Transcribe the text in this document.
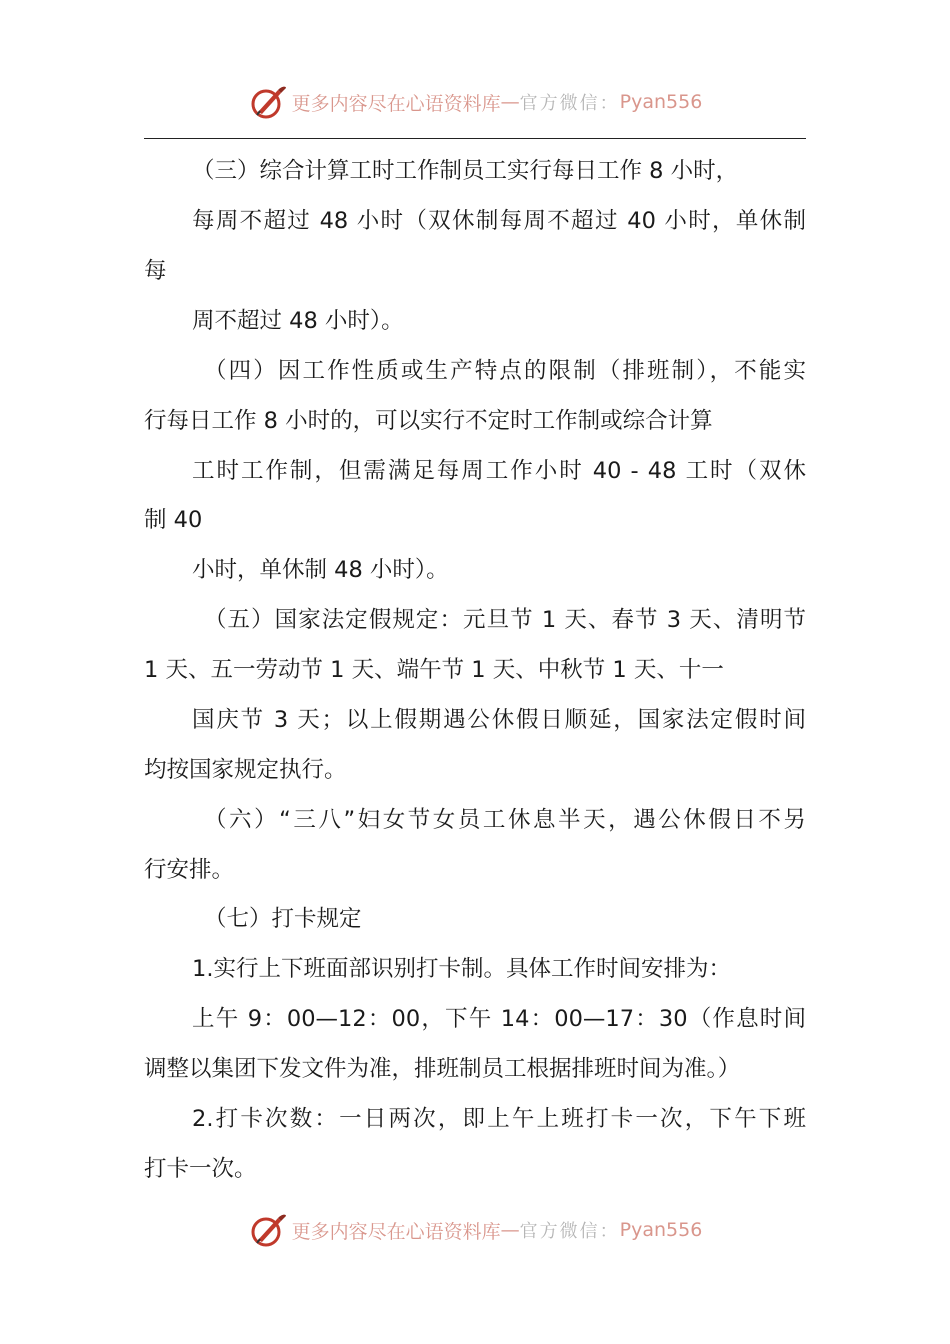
更多内容尽在心语资料库 — 官方微信： Pyan556
（三）综合计算工时工作制员工实行每日工作 8 小时，
每周不超过 48 小时（双休制每周不超过 40 小时，单休制
每
周不超过 48 小时）。
（四）因工作性质或生产特点的限制（排班制），不能实
行每日工作 8 小时的，可以实行不定时工作制或综合计算
工时工作制，但需满足每周工作小时 40 - 48 工时（双休
制 40
小时，单休制 48 小时）。
（五）国家法定假规定：元旦节 1 天、春节 3 天、清明节
1 天、五一劳动节 1 天、端午节 1 天、中秋节 1 天、十一
国庆节 3 天；以上假期遇公休假日顺延，国家法定假时间
均按国家规定执行。
（六）“三八”妇女节女员工休息半天，遇公休假日不另
行安排。
（七）打卡规定
1.实行上下班面部识别打卡制。具体工作时间安排为：
上午 9：00—12：00，下午 14：00—17：30（作息时间
调整以集团下发文件为准，排班制员工根据排班时间为准。）
2.打卡次数：一日两次，即上午上班打卡一次，下午下班
打卡一次。
更多内容尽在心语资料库 — 官方微信： Pyan556
